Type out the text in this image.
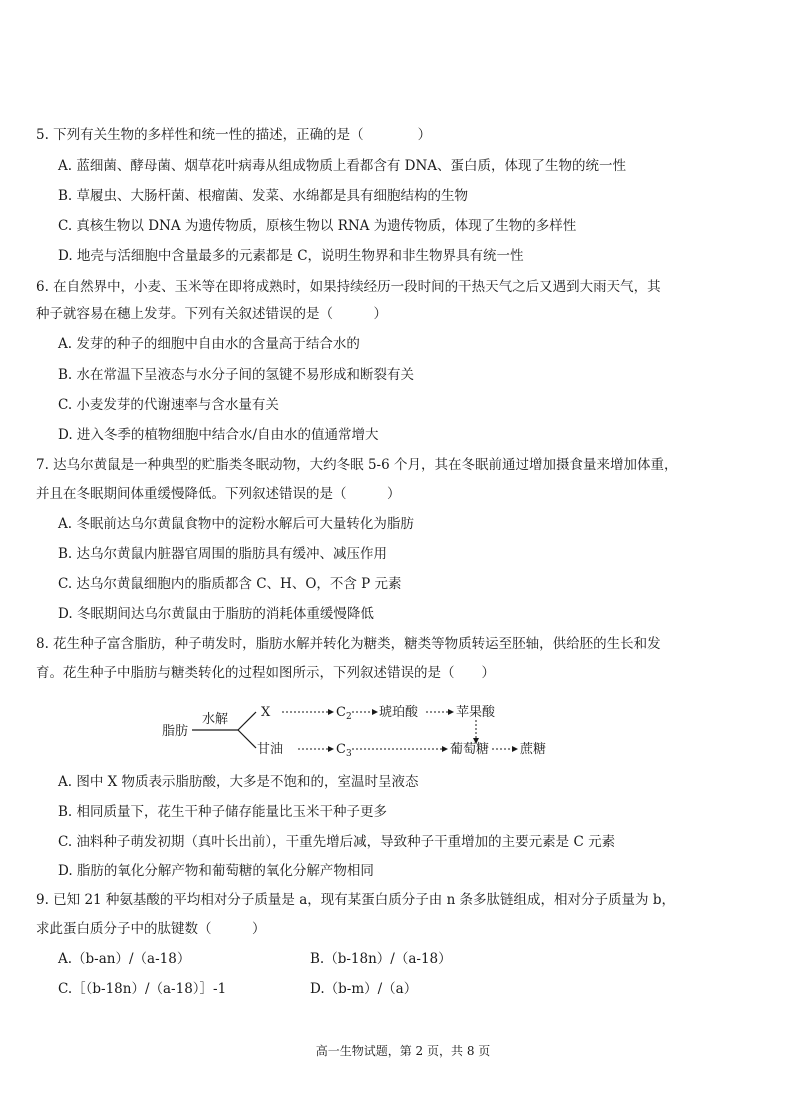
5. 下列有关生物的多样性和统一性的描述，正确的是（　　　　）
A. 蓝细菌、酵母菌、烟草花叶病毒从组成物质上看都含有 DNA、蛋白质，体现了生物的统一性
B. 草履虫、大肠杆菌、根瘤菌、发菜、水绵都是具有细胞结构的生物
C. 真核生物以 DNA 为遗传物质，原核生物以 RNA 为遗传物质，体现了生物的多样性
D. 地壳与活细胞中含量最多的元素都是 C，说明生物界和非生物界具有统一性
6. 在自然界中，小麦、玉米等在即将成熟时，如果持续经历一段时间的干热天气之后又遇到大雨天气，其
种子就容易在穗上发芽。下列有关叙述错误的是（　　　）
A. 发芽的种子的细胞中自由水的含量高于结合水的
B. 水在常温下呈液态与水分子间的氢键不易形成和断裂有关
C. 小麦发芽的代谢速率与含水量有关
D. 进入冬季的植物细胞中结合水/自由水的值通常增大
7. 达乌尔黄鼠是一种典型的贮脂类冬眠动物，大约冬眠 5-6 个月，其在冬眠前通过增加摄食量来增加体重，
并且在冬眠期间体重缓慢降低。下列叙述错误的是（　　　）
A. 冬眠前达乌尔黄鼠食物中的淀粉水解后可大量转化为脂肪
B. 达乌尔黄鼠内脏器官周围的脂肪具有缓冲、减压作用
C. 达乌尔黄鼠细胞内的脂质都含 C、H、O，不含 P 元素
D. 冬眠期间达乌尔黄鼠由于脂肪的消耗体重缓慢降低
8. 花生种子富含脂肪，种子萌发时，脂肪水解并转化为糖类，糖类等物质转运至胚轴，供给胚的生长和发
育。花生种子中脂肪与糖类转化的过程如图所示，下列叙述错误的是（　　）
脂肪
水解	X	$C_2$ 琥珀酸	苹果酸
甘油	$C_3$	葡萄糖 蔗糖
A. 图中 X 物质表示脂肪酸，大多是不饱和的，室温时呈液态
B. 相同质量下，花生干种子储存能量比玉米干种子更多
C. 油料种子萌发初期（真叶长出前），干重先增后减，导致种子干重增加的主要元素是 C 元素
D. 脂肪的氧化分解产物和葡萄糖的氧化分解产物相同
9. 已知 21 种氨基酸的平均相对分子质量是 a，现有某蛋白质分子由 n 条多肽链组成，相对分子质量为 b，
求此蛋白质分子中的肽键数（　　　）
A.（b-an）/（a-18）	B.（b-18n）/（a-18）
C.［（b-18n）/（a-18）］-1	D.（b-m）/（a）
高一生物试题，第 2 页，共 8 页
